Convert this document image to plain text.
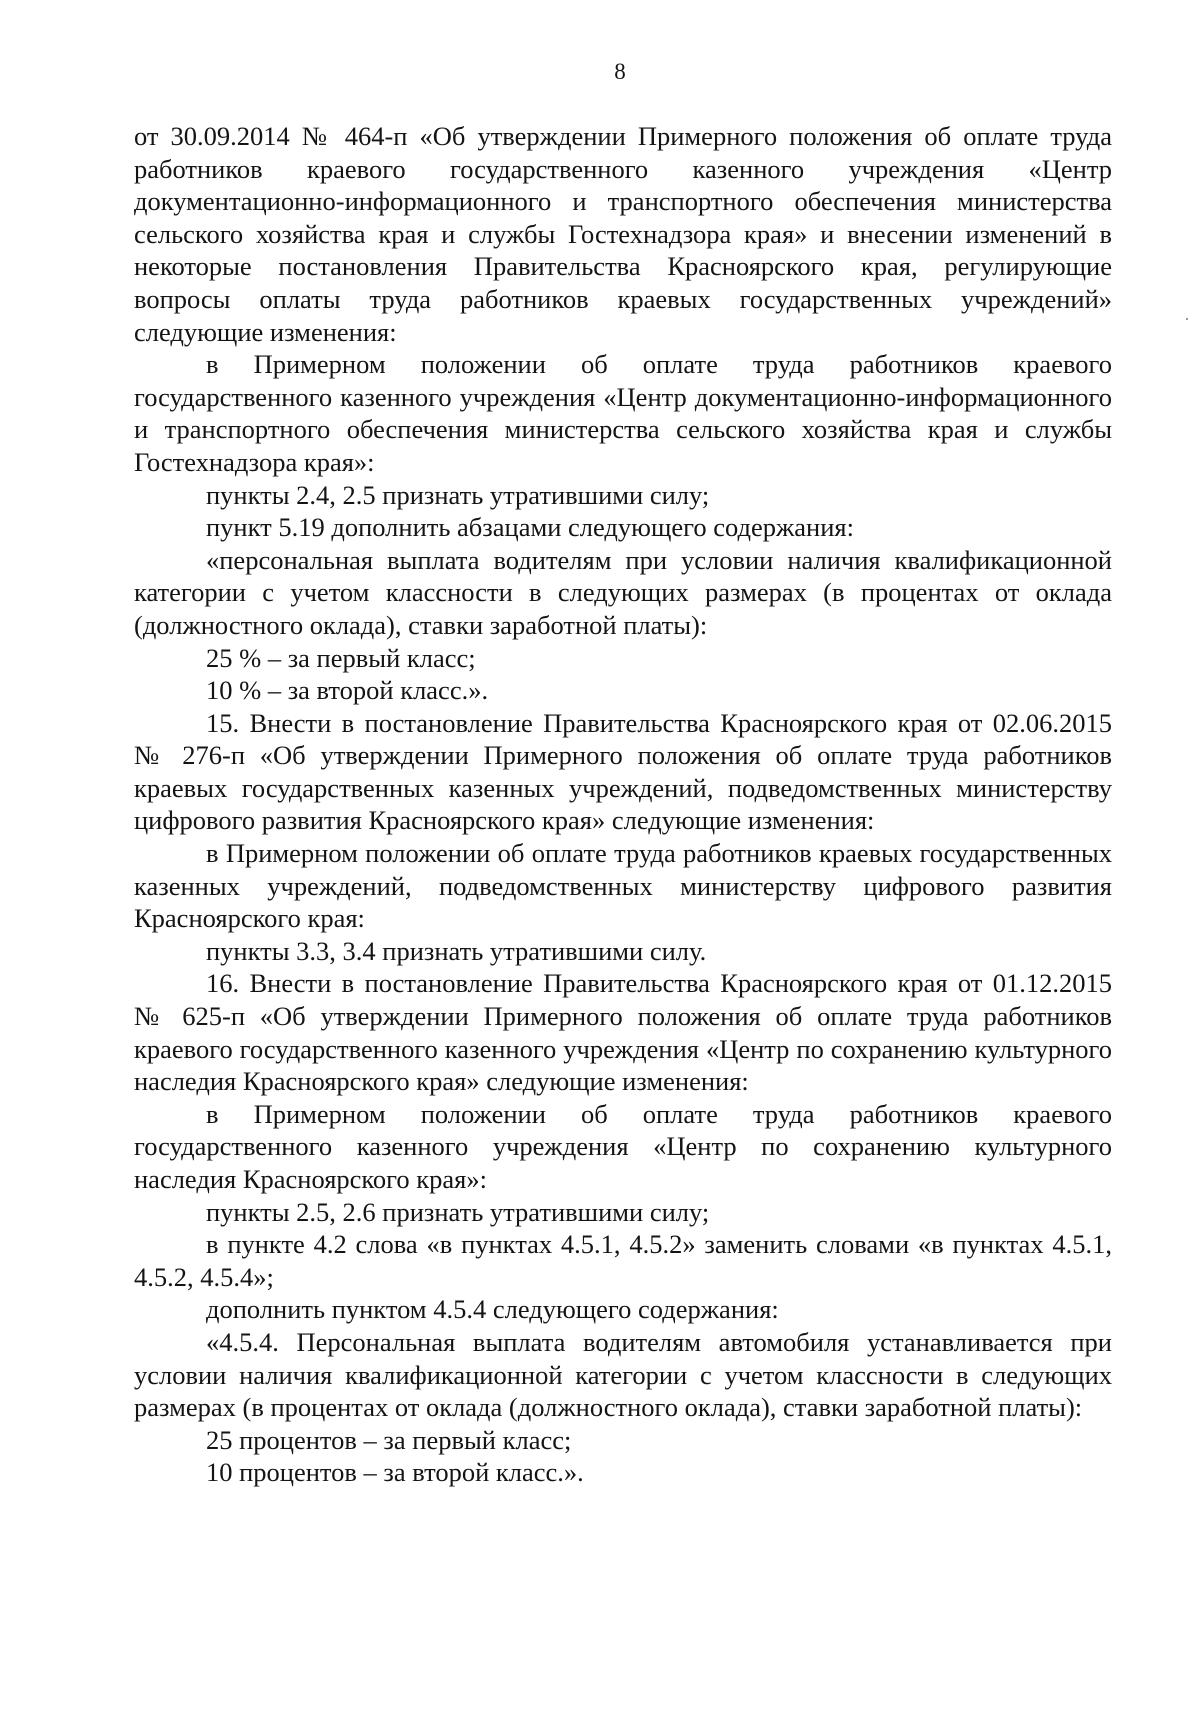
8

от 30.09.2014 № 464-п «Об утверждении Примерного положения об оплате труда работников краевого государственного казенного учреждения «Центр документационно-информационного и транспортного обеспечения министерства сельского хозяйства края и службы Гостехнадзора края» и внесении изменений в некоторые постановления Правительства Красноярского края, регулирующие вопросы оплаты труда работников краевых государственных учреждений» следующие изменения:

в Примерном положении об оплате труда работников краевого государственного казенного учреждения «Центр документационно-информационного и транспортного обеспечения министерства сельского хозяйства края и службы Гостехнадзора края»:

пункты 2.4, 2.5 признать утратившими силу;

пункт 5.19 дополнить абзацами следующего содержания:

«персональная выплата водителям при условии наличия квалификационной категории с учетом классности в следующих размерах (в процентах от оклада (должностного оклада), ставки заработной платы):

25 % – за первый класс;

10 % – за второй класс.».

15. Внести в постановление Правительства Красноярского края от 02.06.2015 № 276-п «Об утверждении Примерного положения об оплате труда работников краевых государственных казенных учреждений, подведомственных министерству цифрового развития Красноярского края» следующие изменения:

в Примерном положении об оплате труда работников краевых государственных казенных учреждений, подведомственных министерству цифрового развития Красноярского края:

пункты 3.3, 3.4 признать утратившими силу.

16. Внести в постановление Правительства Красноярского края от 01.12.2015 № 625-п «Об утверждении Примерного положения об оплате труда работников краевого государственного казенного учреждения «Центр по сохранению культурного наследия Красноярского края» следующие изменения:

в Примерном положении об оплате труда работников краевого государственного казенного учреждения «Центр по сохранению культурного наследия Красноярского края»:

пункты 2.5, 2.6 признать утратившими силу;

в пункте 4.2 слова «в пунктах 4.5.1, 4.5.2» заменить словами «в пунктах 4.5.1, 4.5.2, 4.5.4»;

дополнить пунктом 4.5.4 следующего содержания:

«4.5.4. Персональная выплата водителям автомобиля устанавливается при условии наличия квалификационной категории с учетом классности в следующих размерах (в процентах от оклада (должностного оклада), ставки заработной платы):

25 процентов – за первый класс;

10 процентов – за второй класс.».
